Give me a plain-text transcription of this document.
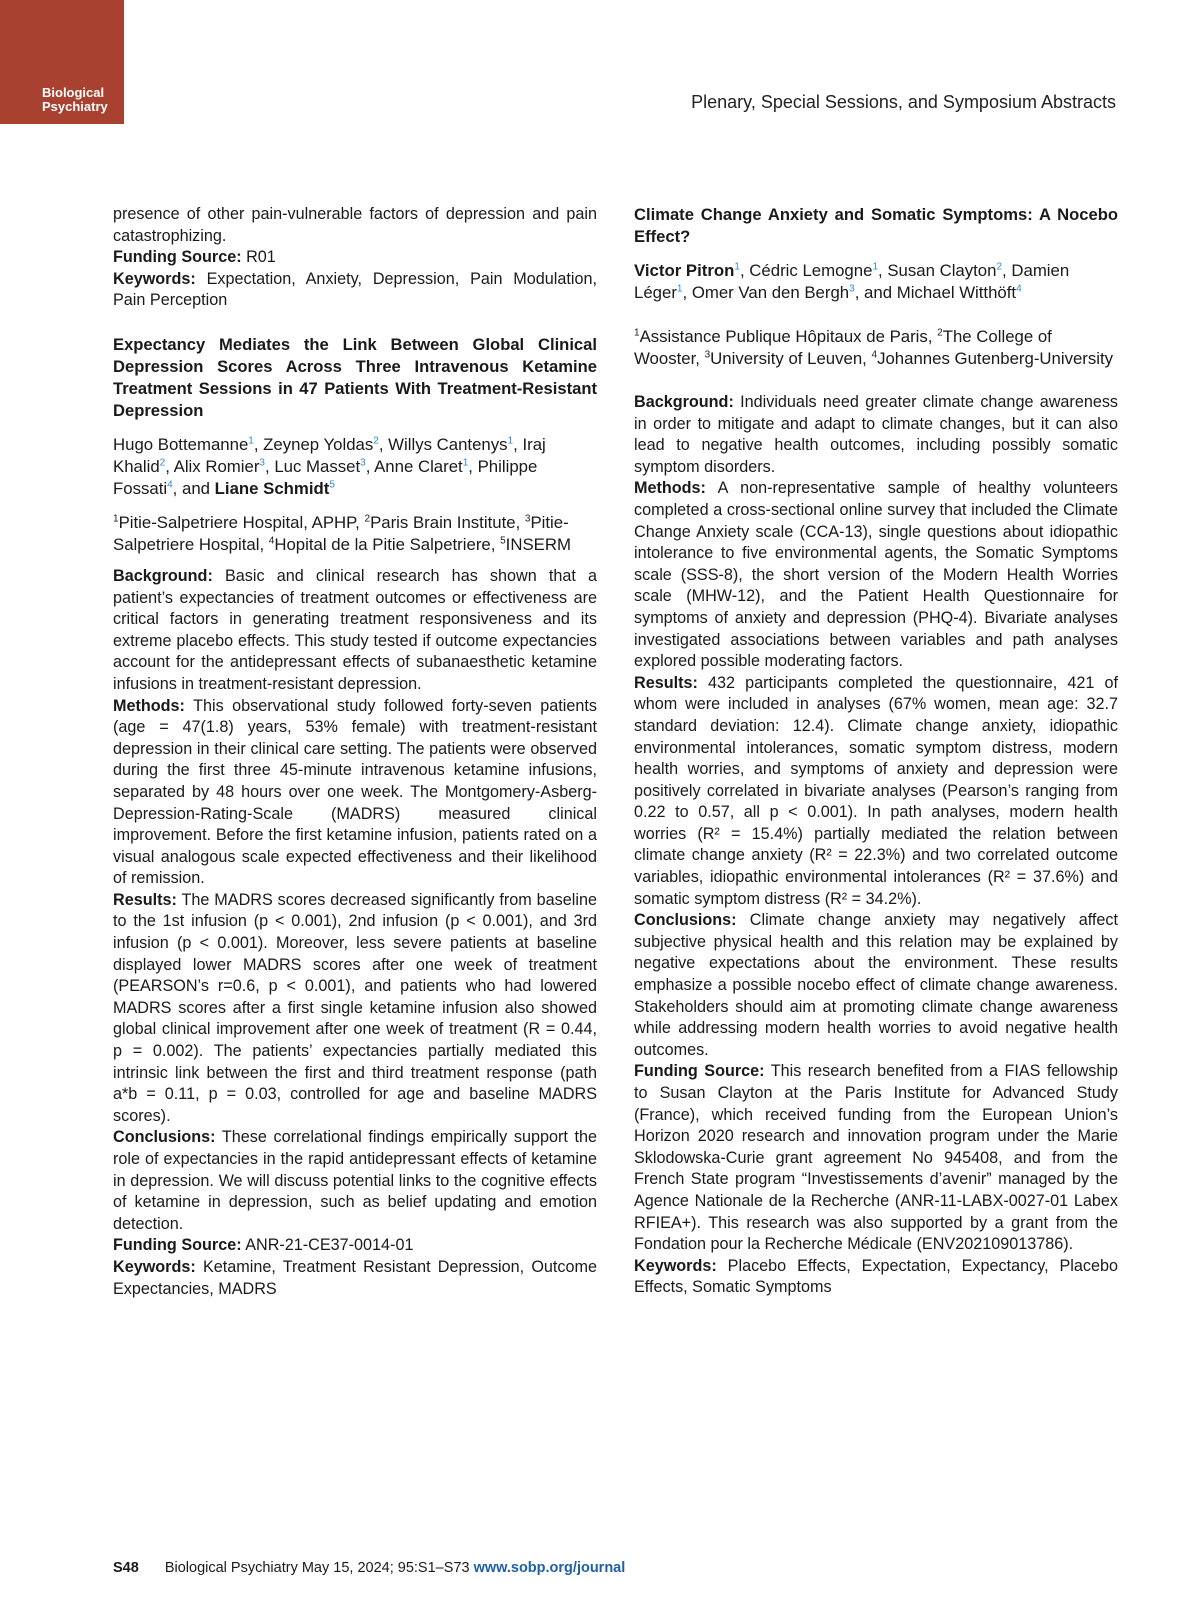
Biological
Psychiatry	Plenary, Special Sessions, and Symposium Abstracts

presence of other pain-vulnerable factors of depression and pain catastrophizing.

Funding Source: R01

Keywords: Expectation, Anxiety, Depression, Pain Modulation, Pain Perception

Expectancy Mediates the Link Between Global Clinical Depression Scores Across Three Intravenous Ketamine Treatment Sessions in 47 Patients With Treatment-Resistant Depression

Hugo Bottemanne$^1$, Zeynep Yoldas$^2$, Willys Cantenys$^1$, Iraj Khalid$^2$, Alix Romier$^3$, Luc Masset$^3$, Anne Claret$^1$, Philippe Fossati$^4$, and Liane Schmidt$^5$

$^1$Pitie-Salpetriere Hospital, APHP, $^2$Paris Brain Institute, $^3$Pitie-Salpetriere Hospital, $^4$Hopital de la Pitie Salpetriere, $^5$INSERM

Background: Basic and clinical research has shown that a patient’s expectancies of treatment outcomes or effectiveness are critical factors in generating treatment responsiveness and its extreme placebo effects. This study tested if outcome expectancies account for the antidepressant effects of subanaesthetic ketamine infusions in treatment-resistant depression.

Methods: This observational study followed forty-seven patients (age = 47(1.8) years, 53% female) with treatment-resistant depression in their clinical care setting. The patients were observed during the first three 45-minute intravenous ketamine infusions, separated by 48 hours over one week. The Montgomery-Asberg-Depression-Rating-Scale (MADRS) measured clinical improvement. Before the first ketamine infusion, patients rated on a visual analogous scale expected effectiveness and their likelihood of remission.

Results: The MADRS scores decreased significantly from baseline to the 1st infusion (p < 0.001), 2nd infusion (p < 0.001), and 3rd infusion (p < 0.001). Moreover, less severe patients at baseline displayed lower MADRS scores after one week of treatment (PEARSON’s r=0.6, p < 0.001), and patients who had lowered MADRS scores after a first single ketamine infusion also showed global clinical improvement after one week of treatment (R = 0.44, p = 0.002). The patients’ expectancies partially mediated this intrinsic link between the first and third treatment response (path a*b = 0.11, p = 0.03, controlled for age and baseline MADRS scores).

Conclusions: These correlational findings empirically support the role of expectancies in the rapid antidepressant effects of ketamine in depression. We will discuss potential links to the cognitive effects of ketamine in depression, such as belief updating and emotion detection.

Funding Source: ANR-21-CE37-0014-01

Keywords: Ketamine, Treatment Resistant Depression, Outcome Expectancies, MADRS

Climate Change Anxiety and Somatic Symptoms: A Nocebo Effect?

Victor Pitron$^1$, Cédric Lemogne$^1$, Susan Clayton$^2$, Damien Léger$^1$, Omer Van den Bergh$^3$, and Michael Witthöft$^4$

$^1$Assistance Publique Hôpitaux de Paris, $^2$The College of Wooster, $^3$University of Leuven, $^4$Johannes Gutenberg-University

Background: Individuals need greater climate change awareness in order to mitigate and adapt to climate changes, but it can also lead to negative health outcomes, including possibly somatic symptom disorders.

Methods: A non-representative sample of healthy volunteers completed a cross-sectional online survey that included the Climate Change Anxiety scale (CCA-13), single questions about idiopathic intolerance to five environmental agents, the Somatic Symptoms scale (SSS-8), the short version of the Modern Health Worries scale (MHW-12), and the Patient Health Questionnaire for symptoms of anxiety and depression (PHQ-4). Bivariate analyses investigated associations between variables and path analyses explored possible moderating factors.

Results: 432 participants completed the questionnaire, 421 of whom were included in analyses (67% women, mean age: 32.7 standard deviation: 12.4). Climate change anxiety, idiopathic environmental intolerances, somatic symptom distress, modern health worries, and symptoms of anxiety and depression were positively correlated in bivariate analyses (Pearson’s ranging from 0.22 to 0.57, all p < 0.001). In path analyses, modern health worries (R² = 15.4%) partially mediated the relation between climate change anxiety (R² = 22.3%) and two correlated outcome variables, idiopathic environmental intolerances (R² = 37.6%) and somatic symptom distress (R² = 34.2%).

Conclusions: Climate change anxiety may negatively affect subjective physical health and this relation may be explained by negative expectations about the environment. These results emphasize a possible nocebo effect of climate change awareness. Stakeholders should aim at promoting climate change awareness while addressing modern health worries to avoid negative health outcomes.

Funding Source: This research benefited from a FIAS fellowship to Susan Clayton at the Paris Institute for Advanced Study (France), which received funding from the European Union’s Horizon 2020 research and innovation program under the Marie Sklodowska-Curie grant agreement No 945408, and from the French State program “Investissements d’avenir” managed by the Agence Nationale de la Recherche (ANR-11-LABX-0027-01 Labex RFIEA+). This research was also supported by a grant from the Fondation pour la Recherche Médicale (ENV202109013786).

Keywords: Placebo Effects, Expectation, Expectancy, Placebo Effects, Somatic Symptoms

S48 Biological Psychiatry May 15, 2024; 95:S1–S73 www.sobp.org/journal
